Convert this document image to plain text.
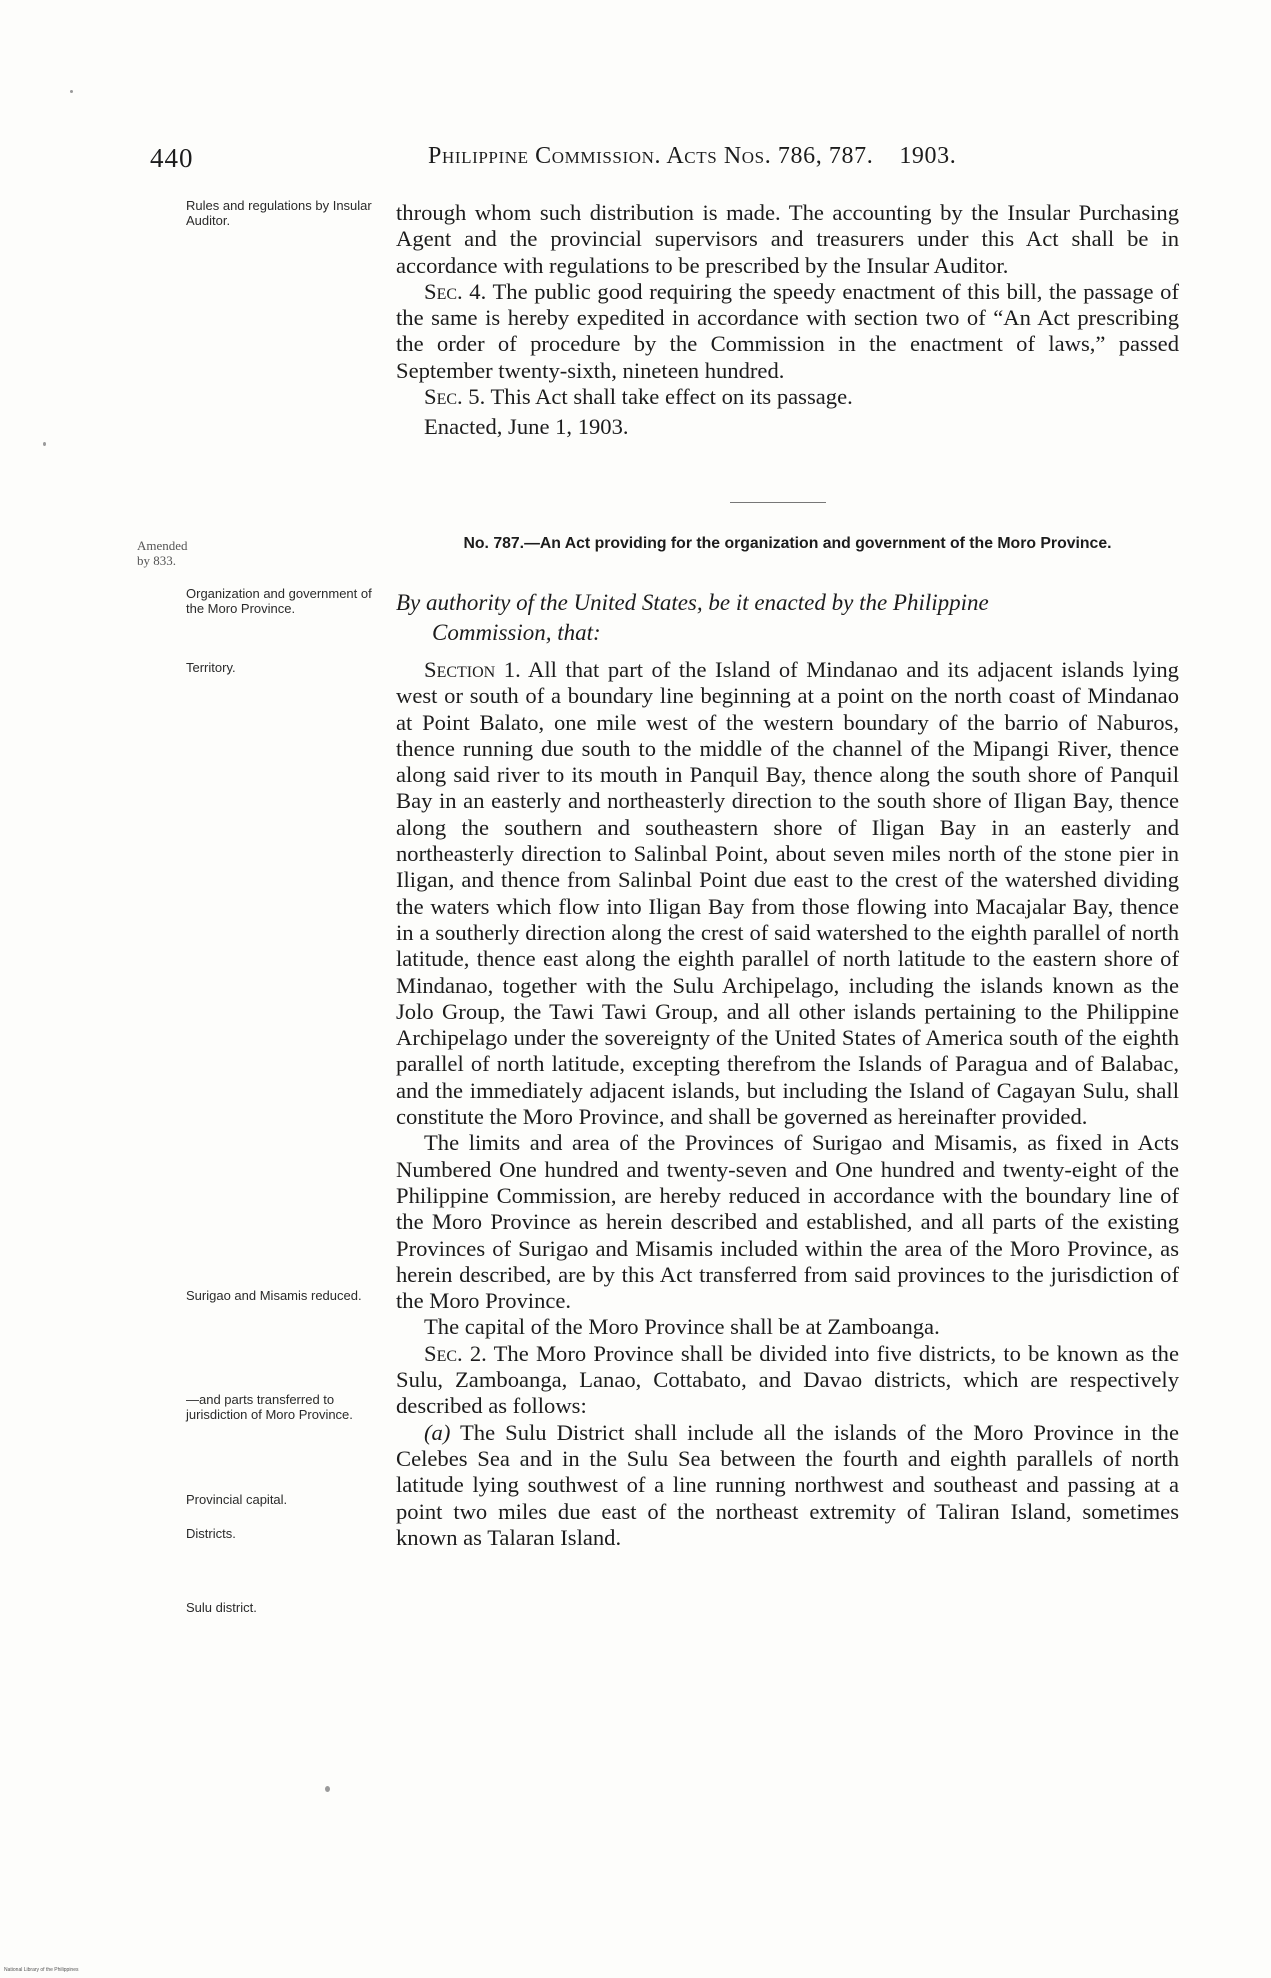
440	Philippine Commission. Acts Nos. 786, 787. 1903.
Rules and regulations by Insular Auditor.
Amended by 833.
Organization and government of the Moro Province.
Territory.
Surigao and Misamis reduced.
—and parts transferred to jurisdiction of Moro Province.
Provincial capital.
Districts.
Sulu district.

through whom such distribution is made. The accounting by the Insular Purchasing Agent and the provincial supervisors and treasurers under this Act shall be in accordance with regulations to be prescribed by the Insular Auditor.

Sec. 4. The public good requiring the speedy enactment of this bill, the passage of the same is hereby expedited in accordance with section two of “An Act prescribing the order of procedure by the Commission in the enactment of laws,” passed September twenty-sixth, nineteen hundred.

Sec. 5. This Act shall take effect on its passage.

Enacted, June 1, 1903.

No. 787.—An Act providing for the organization and government of the Moro Province.
By authority of the United States, be it enacted by the Philippine
Commission, that:

Section 1. All that part of the Island of Mindanao and its adjacent islands lying west or south of a boundary line beginning at a point on the north coast of Mindanao at Point Balato, one mile west of the western boundary of the barrio of Naburos, thence running due south to the middle of the channel of the Mipangi River, thence along said river to its mouth in Panquil Bay, thence along the south shore of Panquil Bay in an easterly and northeasterly direction to the south shore of Iligan Bay, thence along the southern and southeastern shore of Iligan Bay in an easterly and northeasterly direction to Salinbal Point, about seven miles north of the stone pier in Iligan, and thence from Salinbal Point due east to the crest of the watershed dividing the waters which flow into Iligan Bay from those flowing into Macajalar Bay, thence in a southerly direction along the crest of said watershed to the eighth parallel of north latitude, thence east along the eighth parallel of north latitude to the eastern shore of Mindanao, together with the Sulu Archipelago, including the islands known as the Jolo Group, the Tawi Tawi Group, and all other islands pertaining to the Philippine Archipelago under the sovereignty of the United States of America south of the eighth parallel of north latitude, excepting therefrom the Islands of Paragua and of Balabac, and the immediately adjacent islands, but including the Island of Cagayan Sulu, shall constitute the Moro Province, and shall be governed as hereinafter provided.

The limits and area of the Provinces of Surigao and Misamis, as fixed in Acts Numbered One hundred and twenty-seven and One hundred and twenty-eight of the Philippine Commission, are hereby reduced in accordance with the boundary line of the Moro Province as herein described and established, and all parts of the existing Provinces of Surigao and Misamis included within the area of the Moro Province, as herein described, are by this Act transferred from said provinces to the jurisdiction of the Moro Province.

The capital of the Moro Province shall be at Zamboanga.

Sec. 2. The Moro Province shall be divided into five districts, to be known as the Sulu, Zamboanga, Lanao, Cottabato, and Davao districts, which are respectively described as follows:

(a) The Sulu District shall include all the islands of the Moro Province in the Celebes Sea and in the Sulu Sea between the fourth and eighth parallels of north latitude lying southwest of a line running northwest and southeast and passing at a point two miles due east of the northeast extremity of Taliran Island, sometimes known as Talaran Island.

National Library of the Philippines
